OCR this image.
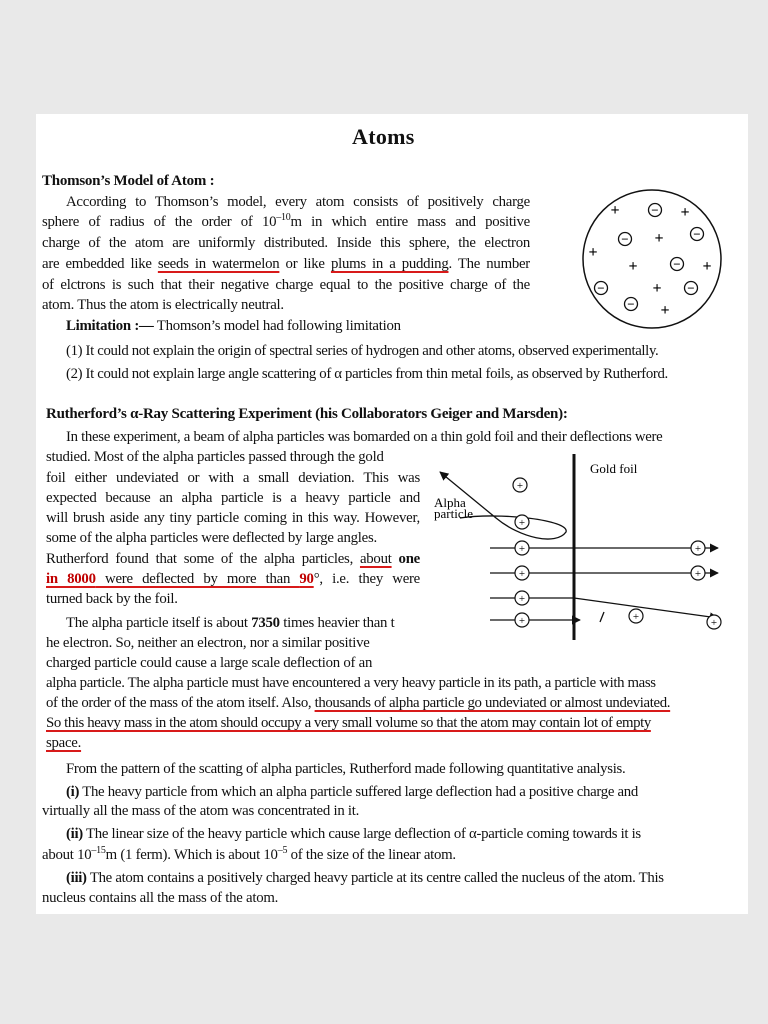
Atoms
Thomson’s Model of Atom :
According to Thomson’s model, every atom consists of positively charge
sphere of radius of the order of $10^{-10}m$ in which entire mass and positive
charge of the atom are uniformly distributed. Inside this sphere, the electron
are embedded like seeds in watermelon or like plums in a pudding. The number
of elctrons is such that their negative charge equal to the positive charge of the
atom. Thus the atom is electrically neutral.
Limitation :— Thomson’s model had following limitation
(1) It could not explain the origin of spectral series of hydrogen and other atoms, observed experimentally.
(2) It could not explain large angle scattering of α particles from thin metal foils, as observed by Rutherford.
+	+
+
+
+	+
+
+
−
−	−
−
−	−
−
Rutherford’s α-Ray Scattering Experiment (his Collaborators Geiger and Marsden):
In these experiment, a beam of alpha particles was bomarded on a thin gold foil and their deflections were
studied. Most of the alpha particles passed through the gold
foil either undeviated or with a small deviation. This was
expected because an alpha particle is a heavy particle and
will brush aside any tiny particle coming in this way. However,
some of the alpha particles were deflected by large angles.
Rutherford found that some of the alpha particles, about one
in 8000 were deflected by more than 90°, i.e. they were
turned back by the foil.
The alpha particle itself is about 7350 times heavier than t
he electron. So, neither an electron, nor a similar positive
charged particle could cause a large scale deflection of an
alpha particle. The alpha particle must have encountered a very heavy particle in its path, a particle with mass
of the order of the mass of the atom itself. Also, thousands of alpha particle go undeviated or almost undeviated.
So this heavy mass in the atom should occupy a very small volume so that the atom may contain lot of empty
space.
Gold foil
Alpha
particle
+
+
+
+
+
+
+
+
+	+
From the pattern of the scatting of alpha particles, Rutherford made following quantitative analysis.
(i) The heavy particle from which an alpha particle suffered large deflection had a positive charge and
virtually all the mass of the atom was concentrated in it.
(ii) The linear size of the heavy particle which cause large deflection of α-particle coming towards it is
about $10^{-15}m$ (1 ferm). Which is about $10^{-5}$ of the size of the linear atom.
(iii) The atom contains a positively charged heavy particle at its centre called the nucleus of the atom. This
nucleus contains all the mass of the atom.
